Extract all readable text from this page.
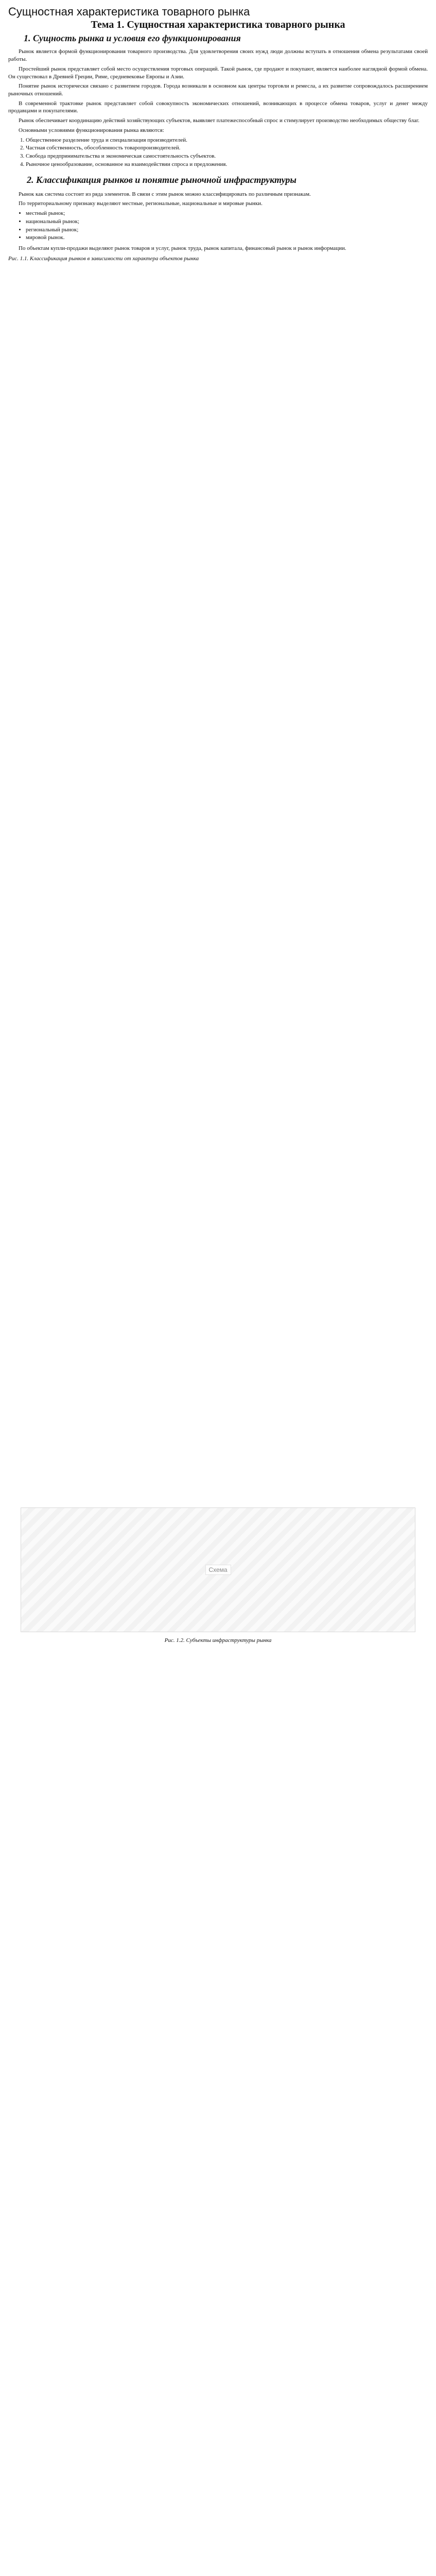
Сущностная характеристика товарного рынка
Тема 1. Сущностная характеристика товарного рынка
1. Сущность рынка и условия его функционирования

Рынок является формой функционирования товарного производства. Для удовлетворения своих нужд люди должны вступать в отношения обмена результатами своей работы.

Простейший рынок представляет собой место осуществления торговых операций. Такой рынок, где продают и покупают, является наиболее наглядной формой обмена. Он существовал в Древней Греции, Риме, средневековье Европы и Азии.

Понятие рынок исторически связано с развитием городов. Города возникали в основном как центры торговли и ремесла, а их развитие сопровождалось расширением рыночных отношений.

В современной трактовке рынок представляет собой совокупность экономических отношений, возникающих в процессе обмена товаров, услуг и денег между продавцами и покупателями.

Рынок обеспечивает координацию действий хозяйствующих субъектов, выявляет платежеспособный спрос и стимулирует производство необходимых обществу благ.

Основными условиями функционирования рынка являются:

1. Общественное разделение труда и специализация производителей.
2. Частная собственность, обособленность товаропроизводителей.
3. Свобода предпринимательства и экономическая самостоятельность субъектов.
4. Рыночное ценообразование, основанное на взаимодействии спроса и предложения.
2. Классификация рынков и понятие рыночной инфраструктуры

Рынок как система состоит из ряда элементов. В связи с этим рынок можно классифицировать по различным признакам.

По территориальному признаку выделяют местные, региональные, национальные и мировые рынки.

• местный рынок;
• национальный рынок;
• региональный рынок;
• мировой рынок.

По объектам купли-продажи выделяют рынок товаров и услуг, рынок труда, рынок капитала, финансовый рынок и рынок информации.

Рис. 1.1. Классификация рынков в зависимости от характера объектов рынка
Схема
Рис. 1.2. Субъекты инфраструктуры рынка
